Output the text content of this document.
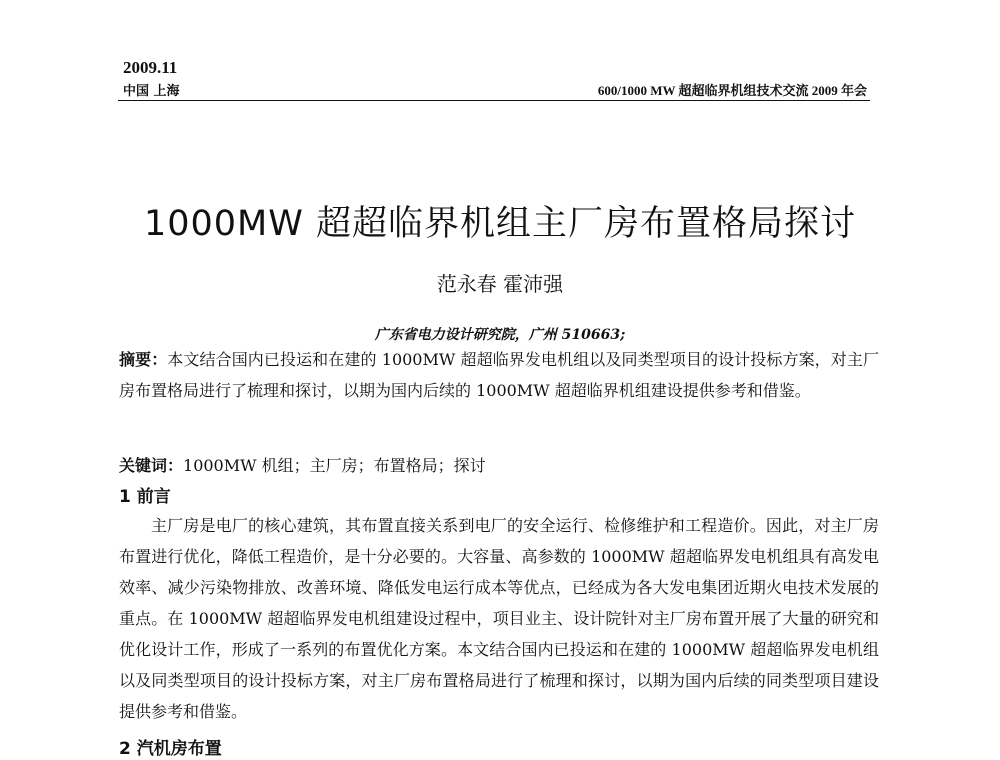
2009.11
中国 上海	600/1000 MW 超超临界机组技术交流 2009 年会
1000MW 超超临界机组主厂房布置格局探讨
范永春 霍沛强
广东省电力设计研究院，广州 510663;
摘要：本文结合国内已投运和在建的 1000MW 超超临界发电机组以及同类型项目的设计投标方案，对主厂房布置格局进行了梳理和探讨，以期为国内后续的 1000MW 超超临界机组建设提供参考和借鉴。
关键词：1000MW 机组；主厂房；布置格局；探讨
1 前言
主厂房是电厂的核心建筑，其布置直接关系到电厂的安全运行、检修维护和工程造价。因此，对主厂房布置进行优化，降低工程造价，是十分必要的。大容量、高参数的 1000MW 超超临界发电机组具有高发电效率、减少污染物排放、改善环境、降低发电运行成本等优点，已经成为各大发电集团近期火电技术发展的重点。在 1000MW 超超临界发电机组建设过程中，项目业主、设计院针对主厂房布置开展了大量的研究和优化设计工作，形成了一系列的布置优化方案。本文结合国内已投运和在建的 1000MW 超超临界发电机组以及同类型项目的设计投标方案，对主厂房布置格局进行了梳理和探讨，以期为国内后续的同类型项目建设提供参考和借鉴。
2 汽机房布置
